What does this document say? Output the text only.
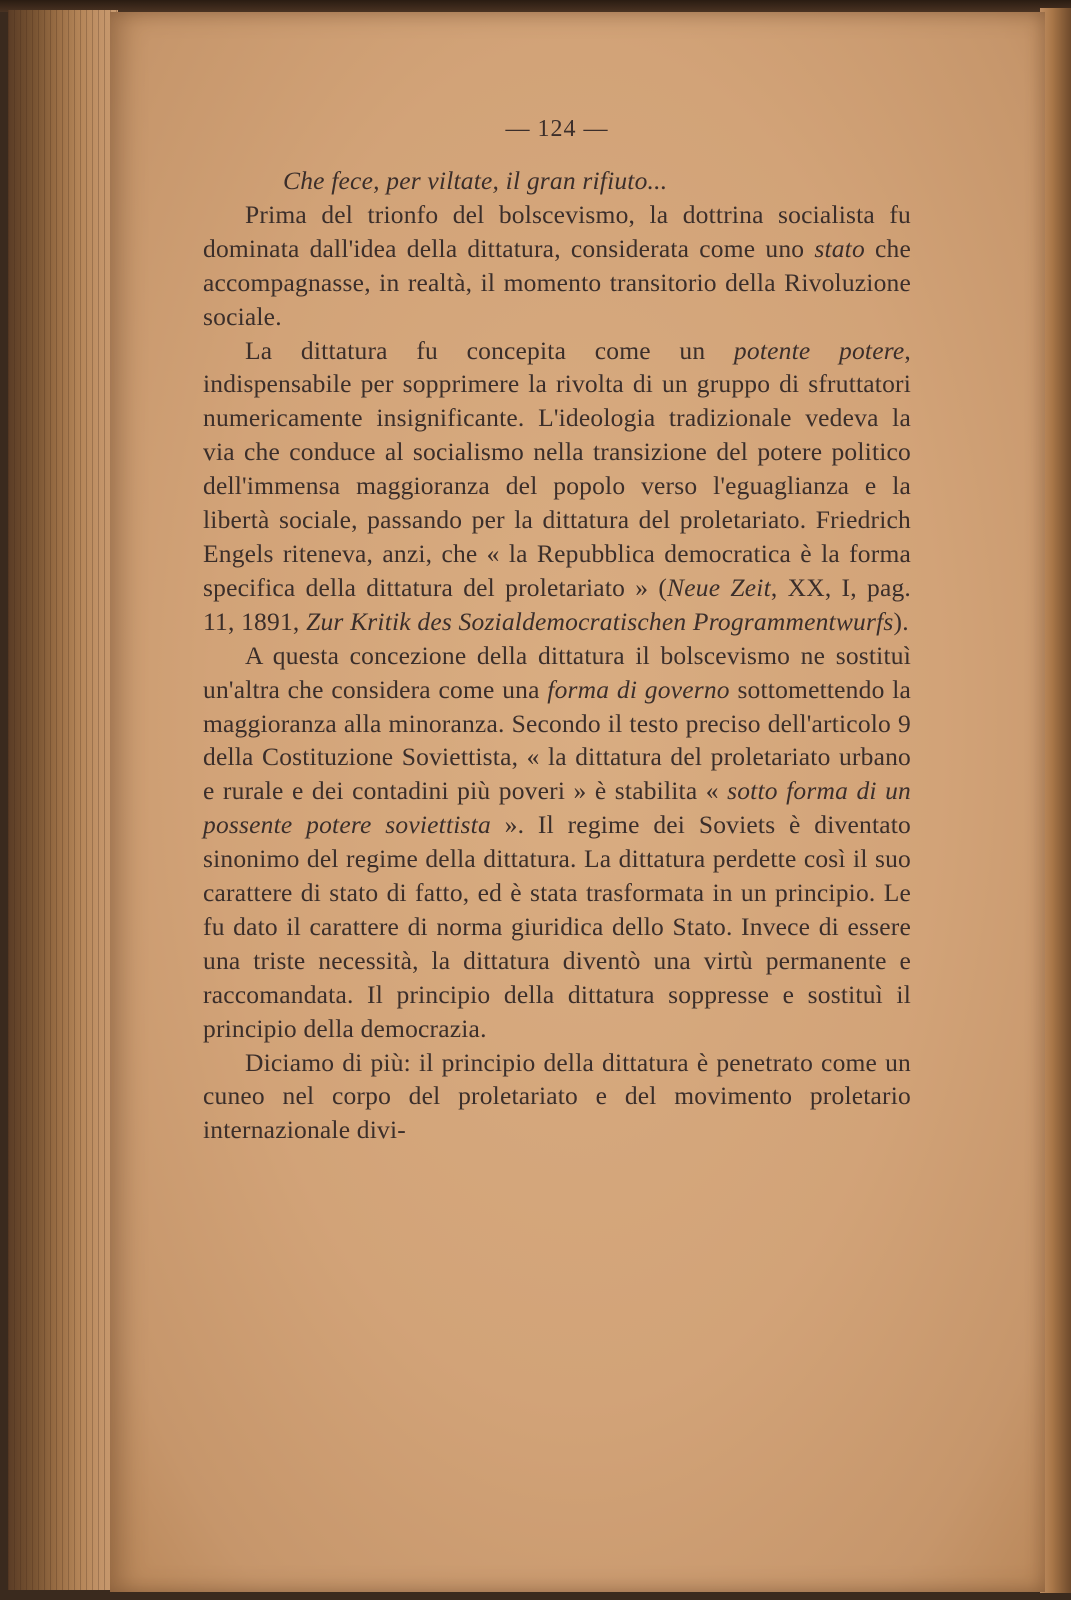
— 124 —

Che fece, per viltate, il gran rifiuto...

Prima del trionfo del bolscevismo, la dottrina socialista fu dominata dall'idea della dittatura, considerata come uno stato che accompagnasse, in realtà, il momento transitorio della Rivoluzione sociale.

La dittatura fu concepita come un potente potere, indispensabile per sopprimere la rivolta di un gruppo di sfruttatori numericamente insignificante. L'ideologia tradizionale vedeva la via che conduce al socialismo nella transizione del potere politico dell'immensa maggioranza del popolo verso l'eguaglianza e la libertà sociale, passando per la dittatura del proletariato. Friedrich Engels riteneva, anzi, che « la Repubblica democratica è la forma specifica della dittatura del proletariato » (Neue Zeit, XX, I, pag. 11, 1891, Zur Kritik des Sozialdemocratischen Programmentwurfs).

A questa concezione della dittatura il bolscevismo ne sostituì un'altra che considera come una forma di governo sottomettendo la maggioranza alla minoranza. Secondo il testo preciso dell'articolo 9 della Costituzione Soviettista, « la dittatura del proletariato urbano e rurale e dei contadini più poveri » è stabilita « sotto forma di un possente potere soviettista ». Il regime dei Soviets è diventato sinonimo del regime della dittatura. La dittatura perdette così il suo carattere di stato di fatto, ed è stata trasformata in un principio. Le fu dato il carattere di norma giuridica dello Stato. Invece di essere una triste necessità, la dittatura diventò una virtù permanente e raccomandata. Il principio della dittatura soppresse e sostituì il principio della democrazia.

Diciamo di più: il principio della dittatura è penetrato come un cuneo nel corpo del proletariato e del movimento proletario internazionale divi-
